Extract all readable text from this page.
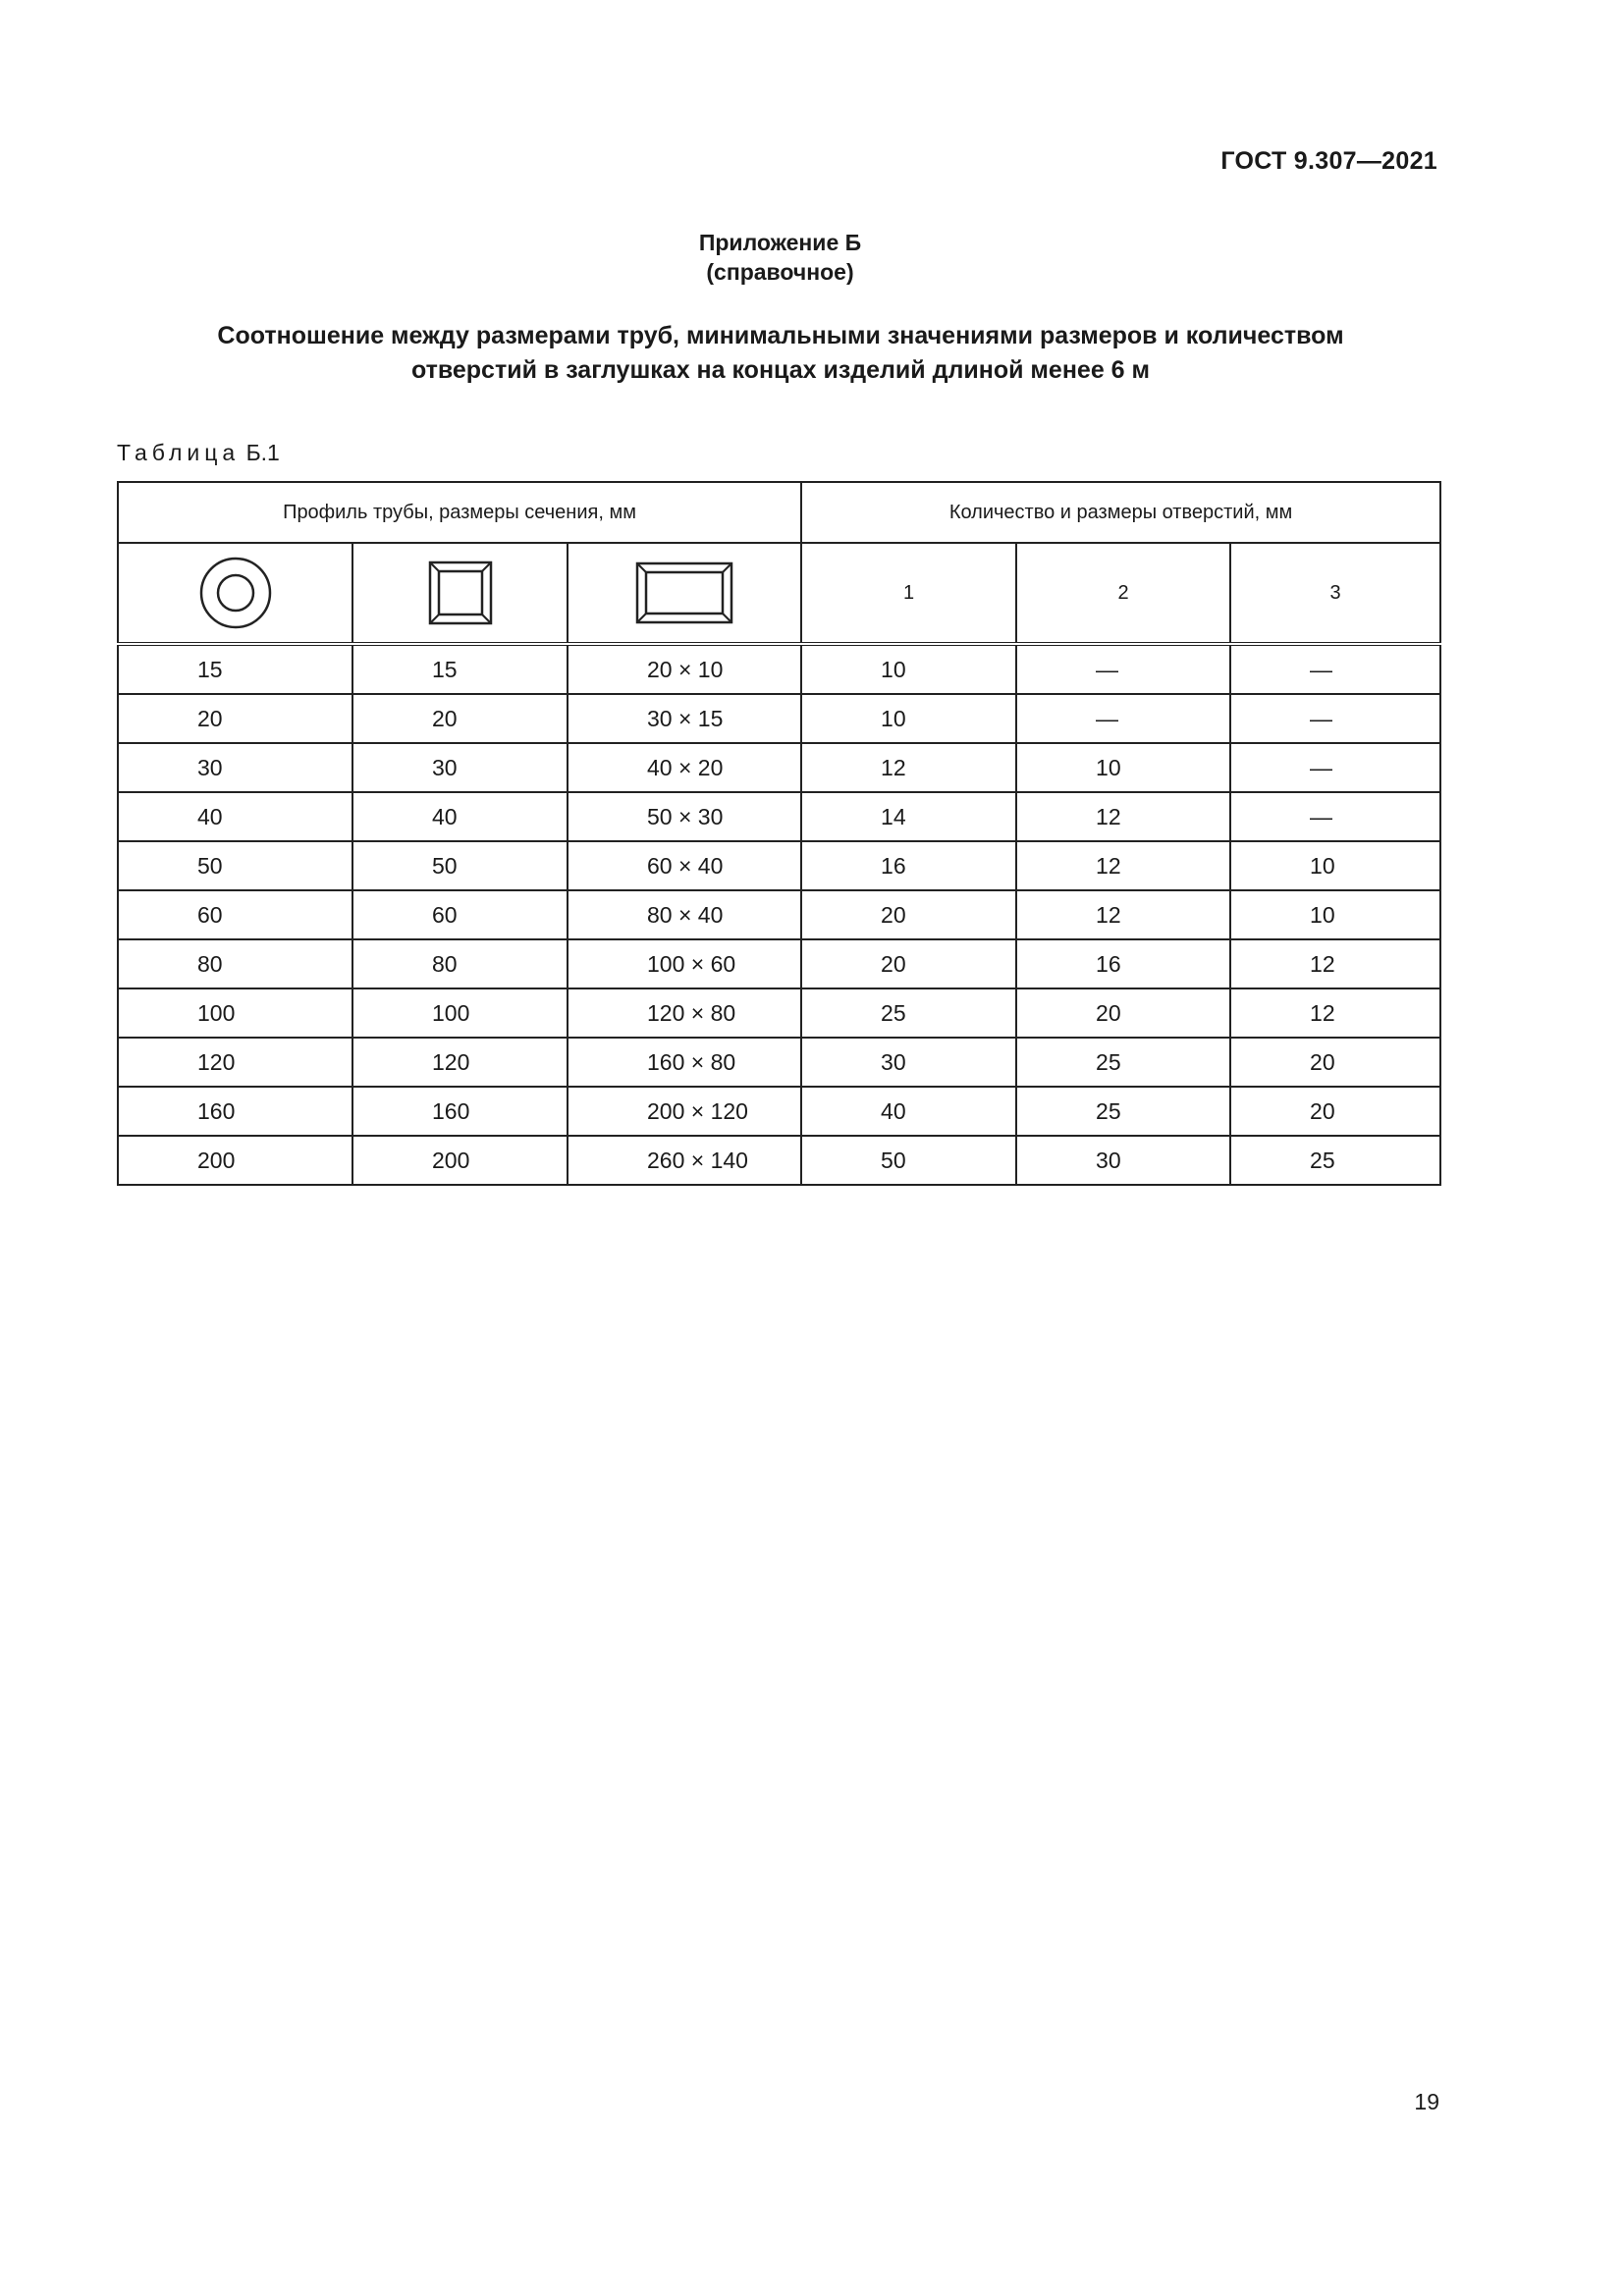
ГОСТ 9.307—2021
Приложение Б
(справочное)
Соотношение между размерами труб, минимальными значениями размеров и количеством
отверстий в заглушках на концах изделий длиной менее 6 м
Таблица Б.1
Профиль трубы, размеры сечения, мм			Количество и размеры отверстий, мм		

	1	2	3
15	15	20 × 10	10	—	—
20	20	30 × 15	10	—	—
30	30	40 × 20	12	10	—
40	40	50 × 30	14	12	—
50	50	60 × 40	16	12	10
60	60	80 × 40	20	12	10
80	80	100 × 60	20	16	12
100	100	120 × 80	25	20	12
120	120	160 × 80	30	25	20
160	160	200 × 120	40	25	20
200	200	260 × 140	50	30	25
19
